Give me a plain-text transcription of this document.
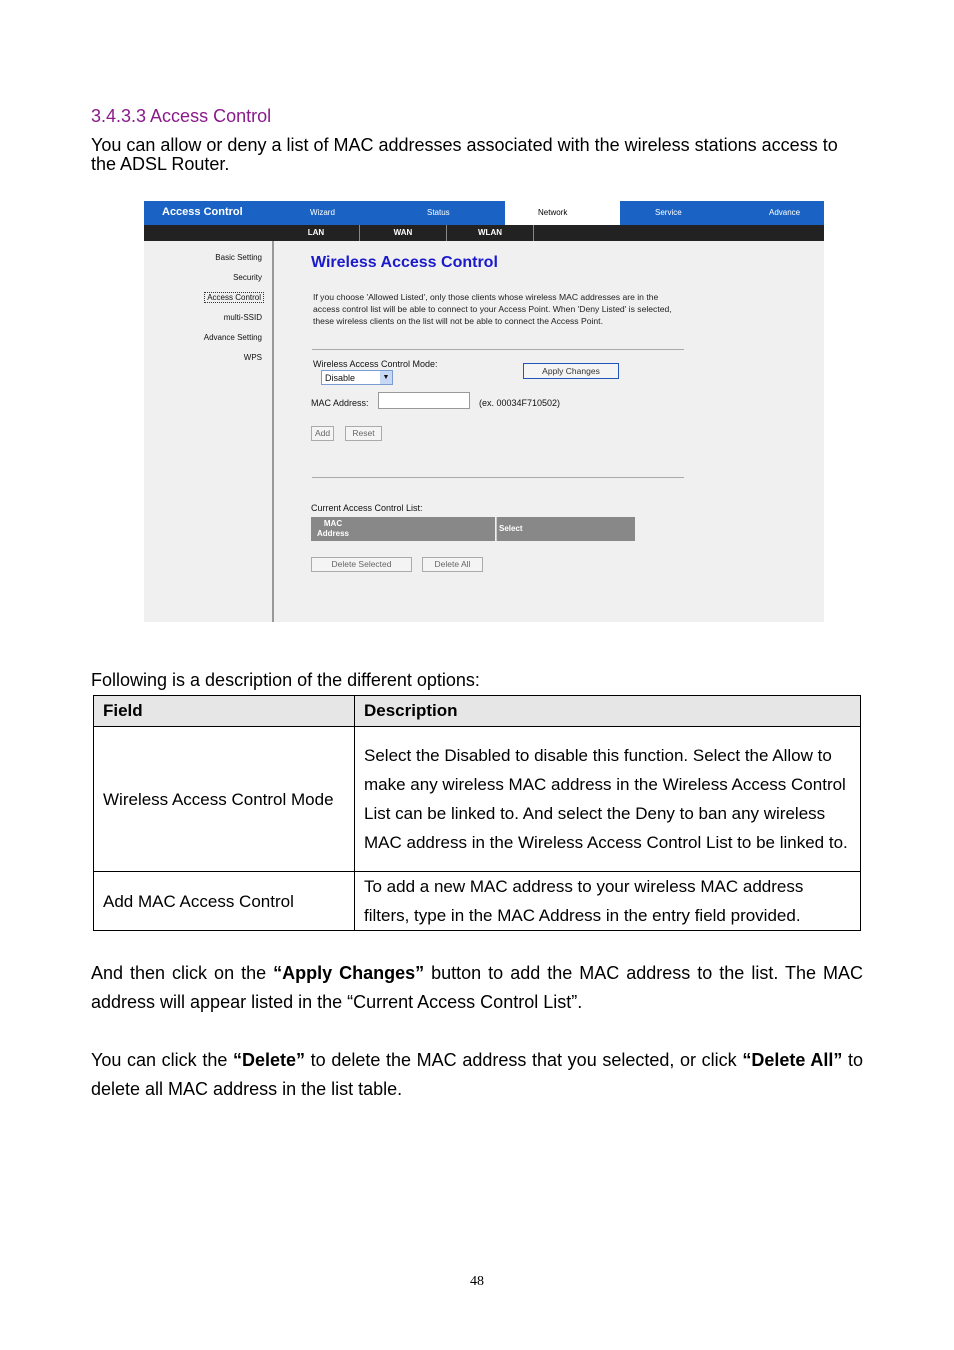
3.4.3.3 Access Control
You can allow or deny a list of MAC addresses associated with the wireless stations access to the ADSL Router.
Access Control	Wizard	Status	Network	Service	Advance
LAN	WAN	WLAN
Basic Setting
Security
Access Control
multi-SSID
Advance Setting
WPS
Wireless Access Control
If you choose 'Allowed Listed', only those clients whose wireless MAC addresses are in the access control list will be able to connect to your Access Point. When 'Deny Listed' is selected, these wireless clients on the list will not be able to connect the Access Point.
Wireless Access Control Mode:
Disable	▼
Apply Changes
MAC Address:	(ex. 00034F710502)
Add	Reset
Current Access Control List:
MAC Address
Select
Delete Selected	Delete All
Following is a description of the different options:
Field	Description
Wireless Access Control Mode	Select the Disabled to disable this function. Select the Allow to make any wireless MAC address in the Wireless Access Control List can be linked to. And select the Deny to ban any wireless MAC address in the Wireless Access Control List to be linked to.
Add MAC Access Control	To add a new MAC address to your wireless MAC address filters, type in the MAC Address in the entry field provided.
And then click on the “Apply Changes” button to add the MAC address to the list. The MAC address will appear listed in the “Current Access Control List”.
You can click the “Delete” to delete the MAC address that you selected, or click “Delete All” to delete all MAC address in the list table.
48
